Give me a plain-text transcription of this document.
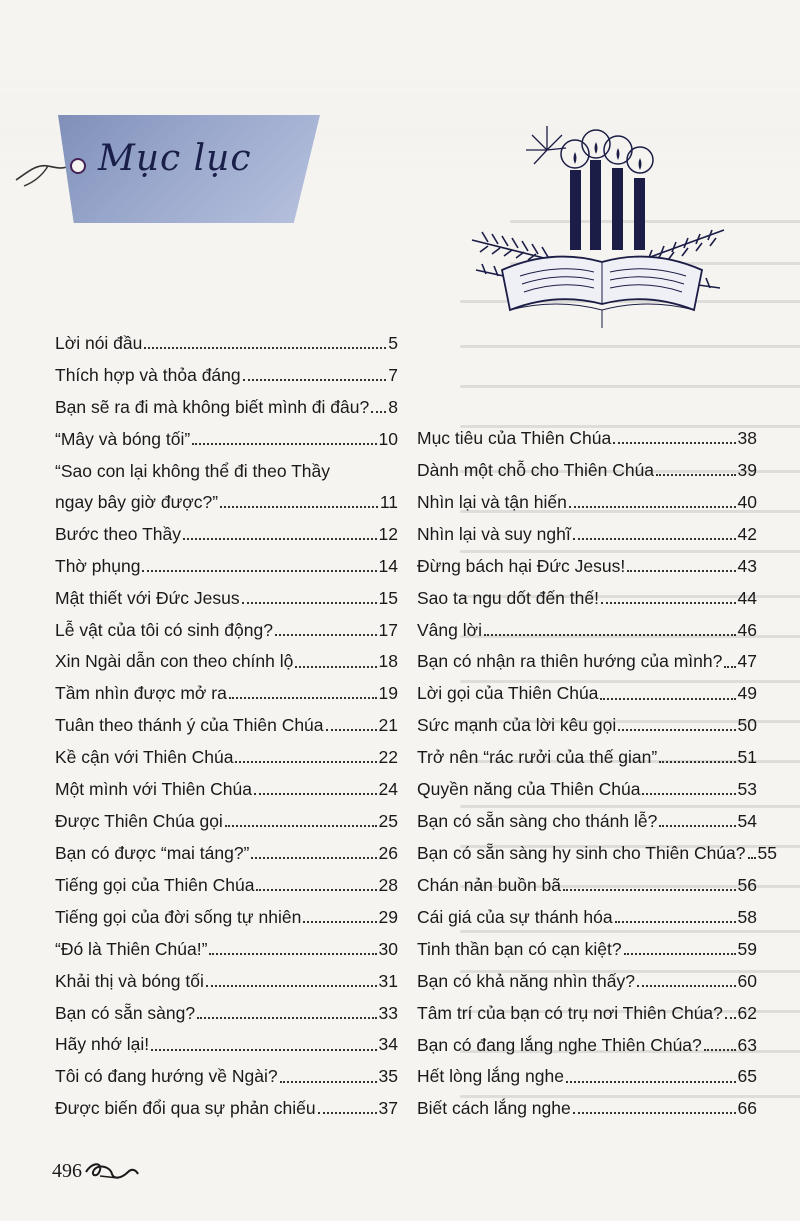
Mục lục
Lời nói đầu	5
Thích hợp và thỏa đáng	7
Bạn sẽ ra đi mà không biết mình đi đâu? 8
“Mây và bóng tối”	10
“Sao con lại không thể đi theo Thầy
ngay bây giờ được?”	11
Bước theo Thầy	12
Thờ phụng	14
Mật thiết với Đức Jesus	15
Lễ vật của tôi có sinh động?	17
Xin Ngài dẫn con theo chính lộ	18
Tầm nhìn được mở ra	19
Tuân theo thánh ý của Thiên Chúa	21
Kề cận với Thiên Chúa	22
Một mình với Thiên Chúa	24
Được Thiên Chúa gọi	25
Bạn có được “mai táng?”	26
Tiếng gọi của Thiên Chúa	28
Tiếng gọi của đời sống tự nhiên	29
“Đó là Thiên Chúa!”	30
Khải thị và bóng tối	31
Bạn có sẵn sàng?	33
Hãy nhớ lại!	34
Tôi có đang hướng về Ngài?	35
Được biến đổi qua sự phản chiếu	37
Mục tiêu của Thiên Chúa	38
Dành một chỗ cho Thiên Chúa	39
Nhìn lại và tận hiến	40
Nhìn lại và suy nghĩ	42
Đừng bách hại Đức Jesus!	43
Sao ta ngu dốt đến thế!	44
Vâng lời	46
Bạn có nhận ra thiên hướng của mình? 47
Lời gọi của Thiên Chúa	49
Sức mạnh của lời kêu gọi	50
Trở nên “rác rưởi của thế gian”	51
Quyền năng của Thiên Chúa	53
Bạn có sẵn sàng cho thánh lễ?	54
Bạn có sẵn sàng hy sinh cho Thiên Chúa? 55
Chán nản buồn bã	56
Cái giá của sự thánh hóa	58
Tinh thần bạn có cạn kiệt?	59
Bạn có khả năng nhìn thấy?	60
Tâm trí của bạn có trụ nơi Thiên Chúa? 62
Bạn có đang lắng nghe Thiên Chúa? 63
Hết lòng lắng nghe	65
Biết cách lắng nghe	66
496
